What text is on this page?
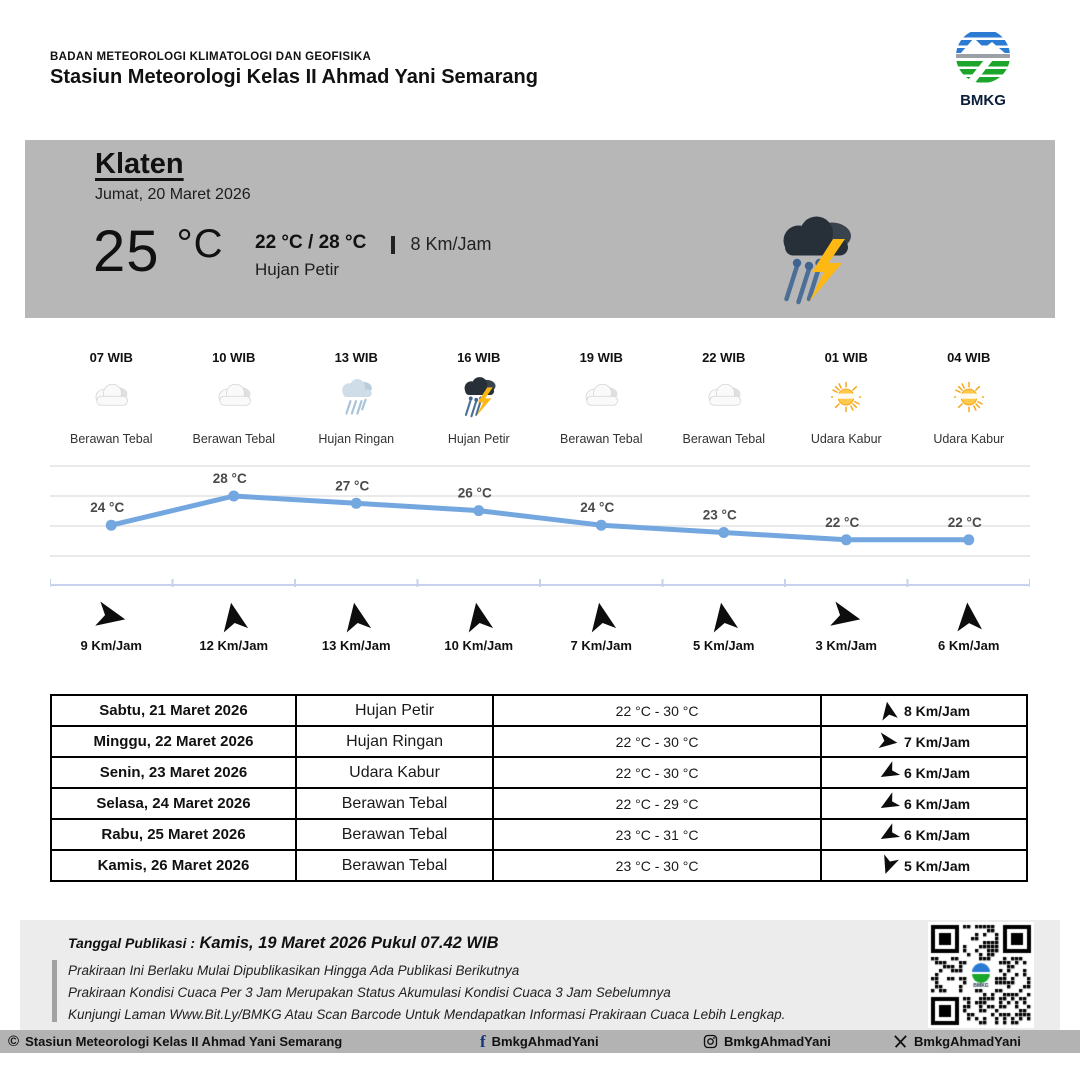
BADAN METEOROLOGI KLIMATOLOGI DAN GEOFISIKA
Stasiun Meteorologi Kelas II Ahmad Yani Semarang
BMKG
Klaten
Jumat, 20 Maret 2026
25 $^{^\circ C}$ 22 °C / 28 °C
Hujan Petir
8 Km/Jam
07 WIB
Berawan Tebal
10 WIB
Berawan Tebal
13 WIB
Hujan Ringan
16 WIB
Hujan Petir
19 WIB
Berawan Tebal
22 WIB
Berawan Tebal
01 WIB
Udara Kabur
04 WIB
Udara Kabur
24 °C
28 °C	27 °C	26 °C
24 °C	23 °C	22 °C	22 °C
9 Km/Jam	12 Km/Jam	13 Km/Jam	10 Km/Jam	7 Km/Jam	5 Km/Jam	3 Km/Jam	6 Km/Jam
Sabtu, 21 Maret 2026	Hujan Petir	22 °C - 30 °C	8 Km/Jam

Minggu, 22 Maret 2026	Hujan Ringan	22 °C - 30 °C	7 Km/Jam

Senin, 23 Maret 2026	Udara Kabur	22 °C - 30 °C	6 Km/Jam

Selasa, 24 Maret 2026	Berawan Tebal	22 °C - 29 °C	6 Km/Jam

Rabu, 25 Maret 2026	Berawan Tebal	23 °C - 31 °C	6 Km/Jam

Kamis, 26 Maret 2026	Berawan Tebal	23 °C - 30 °C	5 Km/Jam
Tanggal Publikasi : Kamis, 19 Maret 2026 Pukul 07.42 WIB
Prakiraan Ini Berlaku Mulai Dipublikasikan Hingga Ada Publikasi Berikutnya
Prakiraan Kondisi Cuaca Per 3 Jam Merupakan Status Akumulasi Kondisi Cuaca 3 Jam Sebelumnya
Kunjungi Laman Www.Bit.Ly/BMKG Atau Scan Barcode Untuk Mendapatkan Informasi Prakiraan Cuaca Lebih Lengkap.
© Stasiun Meteorologi Kelas II Ahmad Yani Semarang	f BmkgAhmadYani	BmkgAhmadYani	BmkgAhmadYani
